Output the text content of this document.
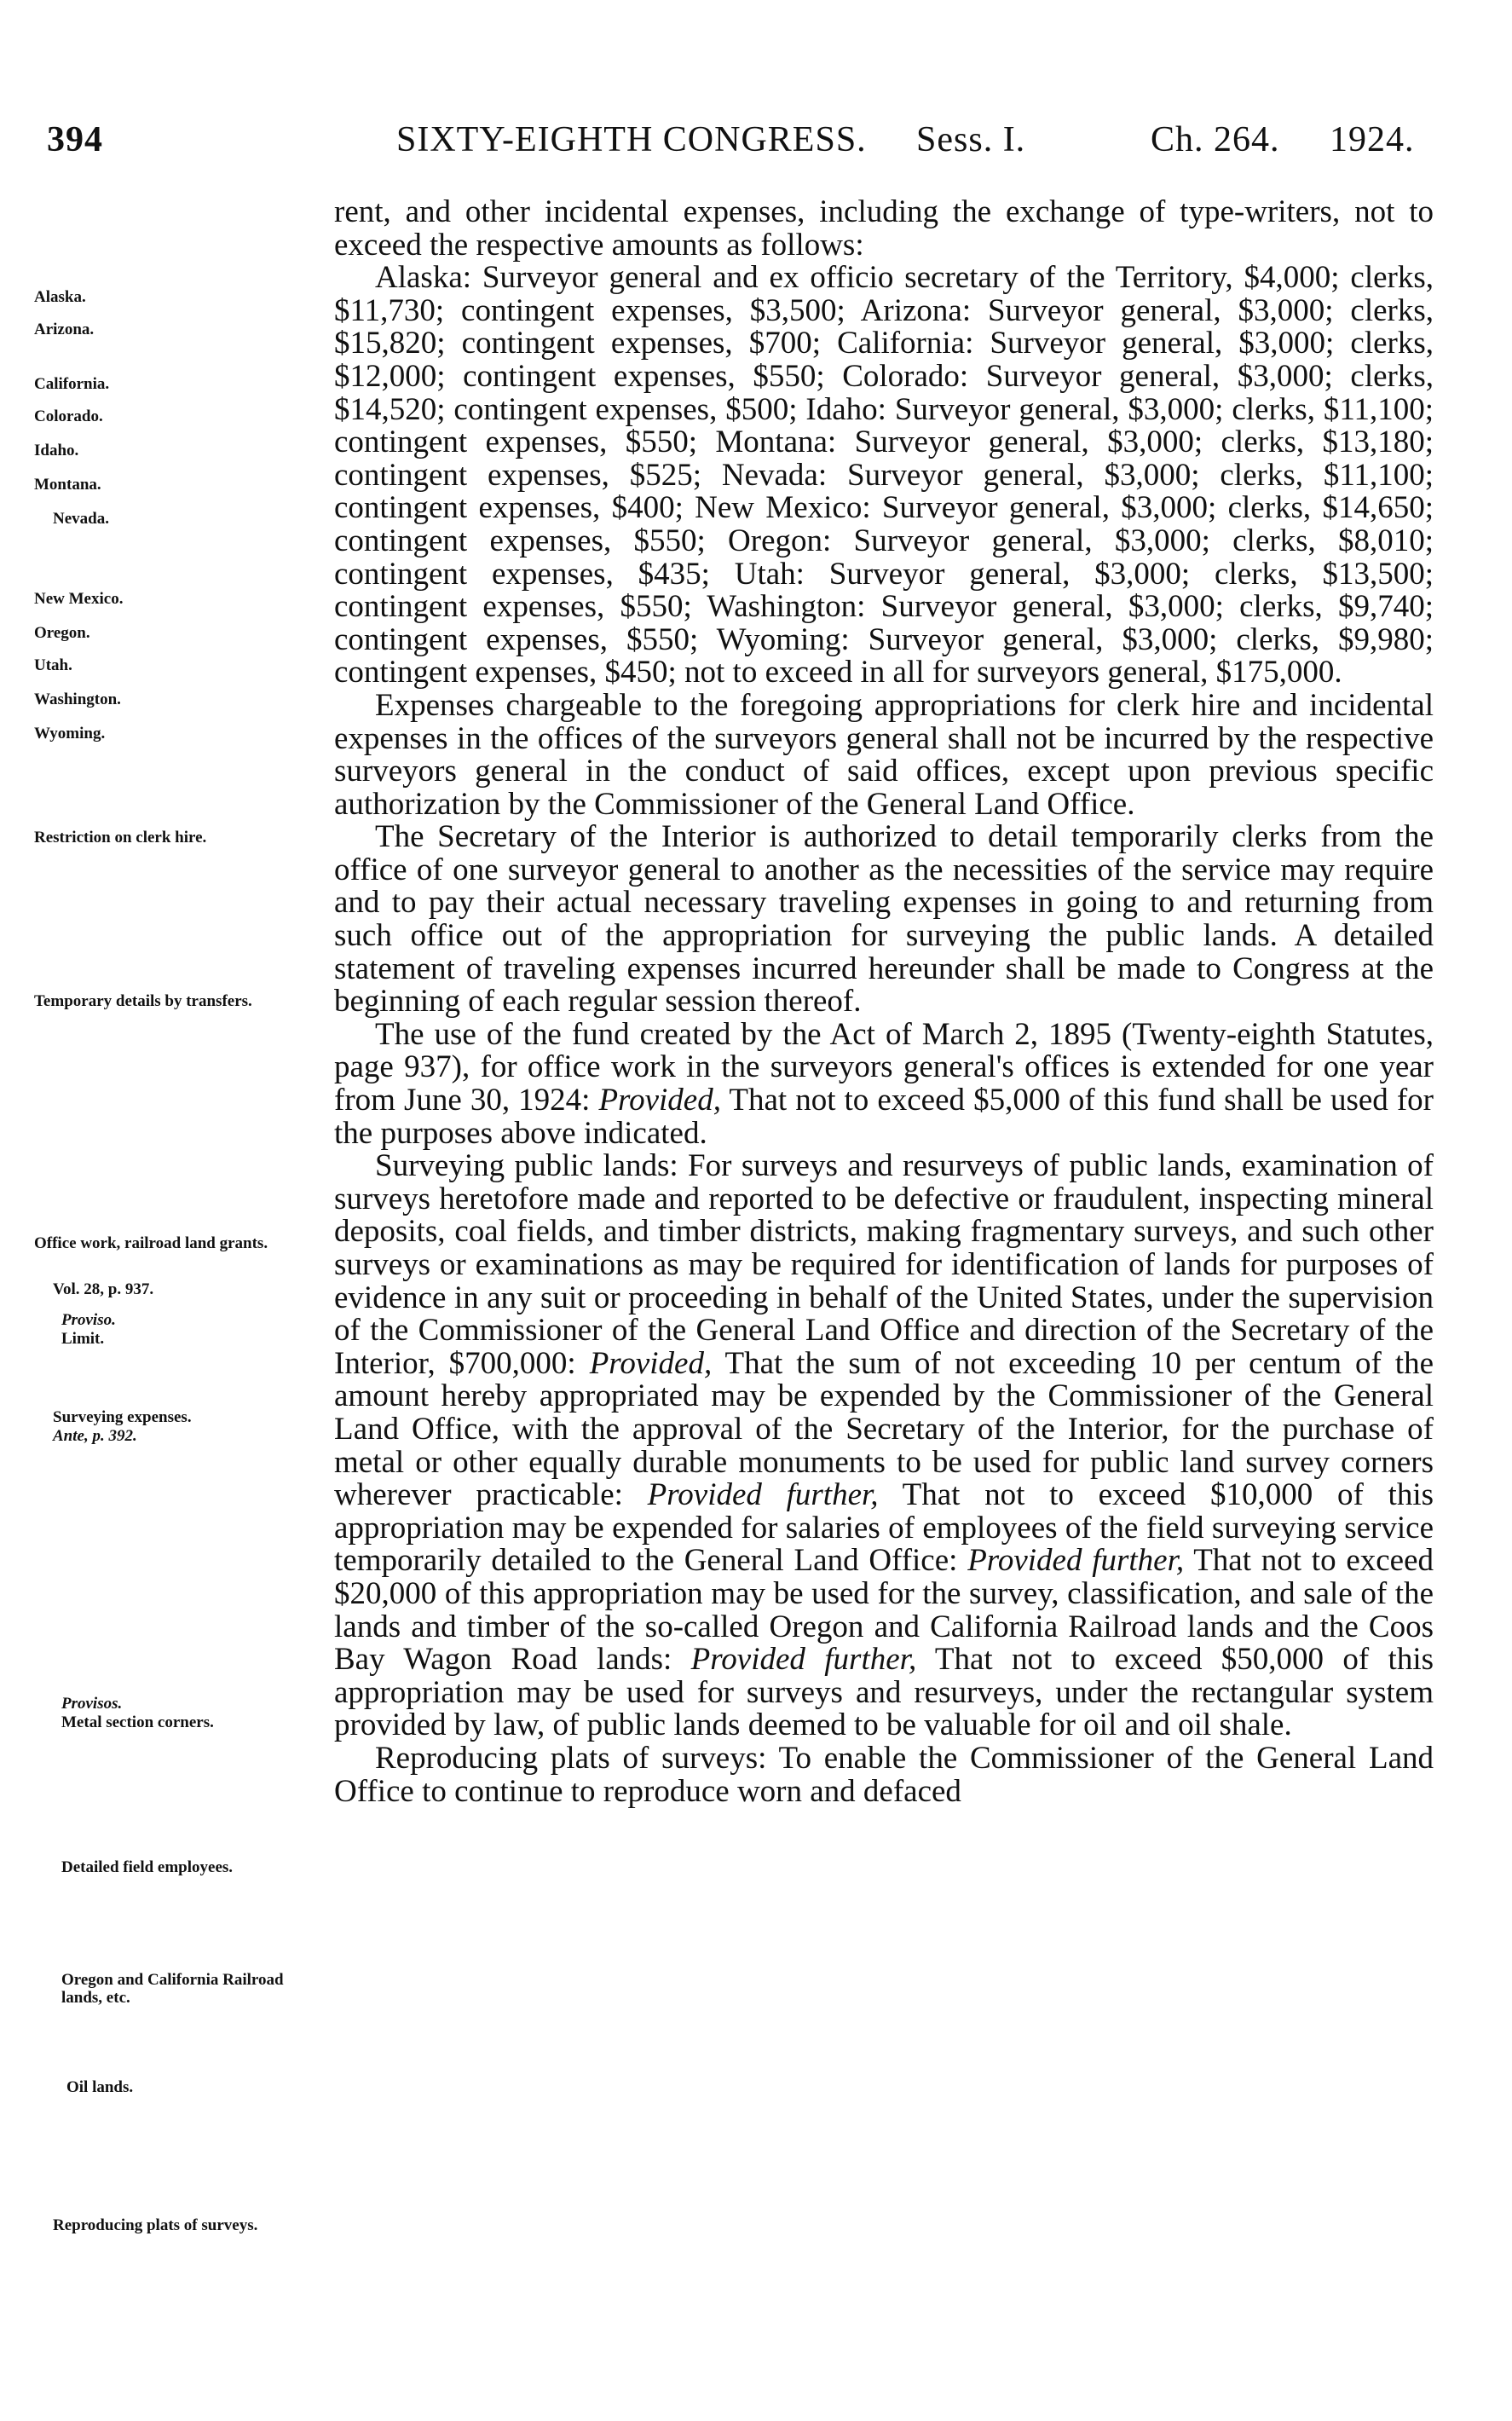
394	SIXTY-EIGHTH CONGRESS. Sess. I.	Ch. 264. 1924.

rent, and other incidental expenses, including the exchange of type-writers, not to exceed the respective amounts as follows:

Alaska: Surveyor general and ex officio secretary of the Territory, $4,000; clerks, $11,730; contingent expenses, $3,500; Arizona: Surveyor general, $3,000; clerks, $15,820; contingent expenses, $700; California: Surveyor general, $3,000; clerks, $12,000; contingent expenses, $550; Colorado: Surveyor general, $3,000; clerks, $14,520; contingent expenses, $500; Idaho: Surveyor general, $3,000; clerks, $11,100; contingent expenses, $550; Montana: Surveyor general, $3,000; clerks, $13,180; contingent expenses, $525; Nevada: Surveyor general, $3,000; clerks, $11,100; contingent expenses, $400; New Mexico: Surveyor general, $3,000; clerks, $14,650; contingent expenses, $550; Oregon: Surveyor general, $3,000; clerks, $8,010; contingent expenses, $435; Utah: Surveyor general, $3,000; clerks, $13,500; contingent expenses, $550; Washington: Surveyor general, $3,000; clerks, $9,740; contingent expenses, $550; Wyoming: Surveyor general, $3,000; clerks, $9,980; contingent expenses, $450; not to exceed in all for surveyors general, $175,000.

Expenses chargeable to the foregoing appropriations for clerk hire and incidental expenses in the offices of the surveyors general shall not be incurred by the respective surveyors general in the conduct of said offices, except upon previous specific authorization by the Commissioner of the General Land Office.

The Secretary of the Interior is authorized to detail temporarily clerks from the office of one surveyor general to another as the necessities of the service may require and to pay their actual necessary traveling expenses in going to and returning from such office out of the appropriation for surveying the public lands. A detailed statement of traveling expenses incurred hereunder shall be made to Congress at the beginning of each regular session thereof.

The use of the fund created by the Act of March 2, 1895 (Twenty-eighth Statutes, page 937), for office work in the surveyors general's offices is extended for one year from June 30, 1924: Provided, That not to exceed $5,000 of this fund shall be used for the purposes above indicated.

Surveying public lands: For surveys and resurveys of public lands, examination of surveys heretofore made and reported to be defective or fraudulent, inspecting mineral deposits, coal fields, and timber districts, making fragmentary surveys, and such other surveys or examinations as may be required for identification of lands for purposes of evidence in any suit or proceeding in behalf of the United States, under the supervision of the Commissioner of the General Land Office and direction of the Secretary of the Interior, $700,000: Provided, That the sum of not exceeding 10 per centum of the amount hereby appropriated may be expended by the Commissioner of the General Land Office, with the approval of the Secretary of the Interior, for the purchase of metal or other equally durable monuments to be used for public land survey corners wherever practicable: Provided further, That not to exceed $10,000 of this appropriation may be expended for salaries of employees of the field surveying service temporarily detailed to the General Land Office: Provided further, That not to exceed $20,000 of this appropriation may be used for the survey, classification, and sale of the lands and timber of the so-called Oregon and California Railroad lands and the Coos Bay Wagon Road lands: Provided further, That not to exceed $50,000 of this appropriation may be used for surveys and resurveys, under the rectangular system provided by law, of public lands deemed to be valuable for oil and oil shale.

Reproducing plats of surveys: To enable the Commissioner of the General Land Office to continue to reproduce worn and defaced

Alaska.
Arizona.
California.
Colorado.
Idaho.
Montana.
Nevada.
New Mexico.
Oregon.
Utah.
Washington.
Wyoming.
Restriction on clerk hire.
Temporary details by transfers.
Office work, railroad land grants.
Vol. 28, p. 937.
Proviso.
Limit.
Surveying expenses.
Ante, p. 392.
Provisos.
Metal section corners.
Detailed field employees.
Oregon and California Railroad lands, etc.
Oil lands.
Reproducing plats of surveys.
